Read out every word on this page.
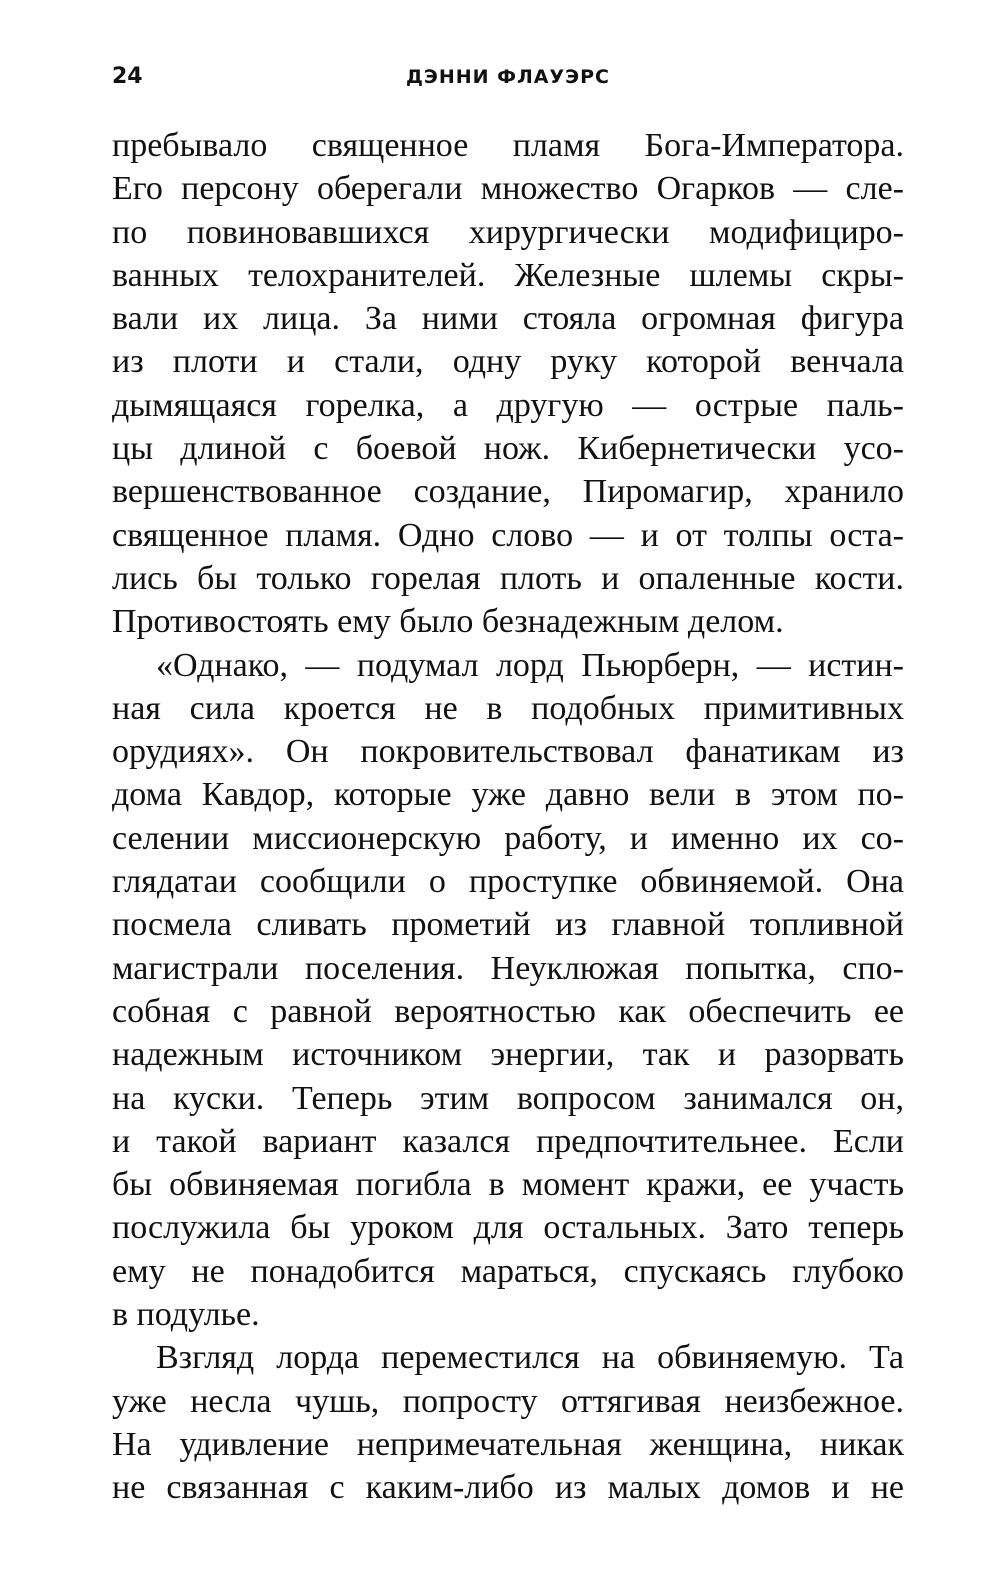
24	ДЭННИ ФЛАУЭРС
пребывало священное пламя Бога-Императора.
Его персону оберегали множество Огарков — сле-
по повиновавшихся хирургически модифициро-
ванных телохранителей. Железные шлемы скры-
вали их лица. За ними стояла огромная фигура
из плоти и стали, одну руку которой венчала
дымящаяся горелка, а другую — острые паль-
цы длиной с боевой нож. Кибернетически усо-
вершенствованное создание, Пиромагир, хранило
священное пламя. Одно слово — и от толпы оста-
лись бы только горелая плоть и опаленные кости.
Противостоять ему было безнадежным делом.
«Однако, — подумал лорд Пьюрберн, — истин-
ная сила кроется не в подобных примитивных
орудиях». Он покровительствовал фанатикам из
дома Кавдор, которые уже давно вели в этом по-
селении миссионерскую работу, и именно их со-
глядатаи сообщили о проступке обвиняемой. Она
посмела сливать прометий из главной топливной
магистрали поселения. Неуклюжая попытка, спо-
собная с равной вероятностью как обеспечить ее
надежным источником энергии, так и разорвать
на куски. Теперь этим вопросом занимался он,
и такой вариант казался предпочтительнее. Если
бы обвиняемая погибла в момент кражи, ее участь
послужила бы уроком для остальных. Зато теперь
ему не понадобится мараться, спускаясь глубоко
в подулье.
Взгляд лорда переместился на обвиняемую. Та
уже несла чушь, попросту оттягивая неизбежное.
На удивление непримечательная женщина, никак
не связанная с каким-либо из малых домов и не
